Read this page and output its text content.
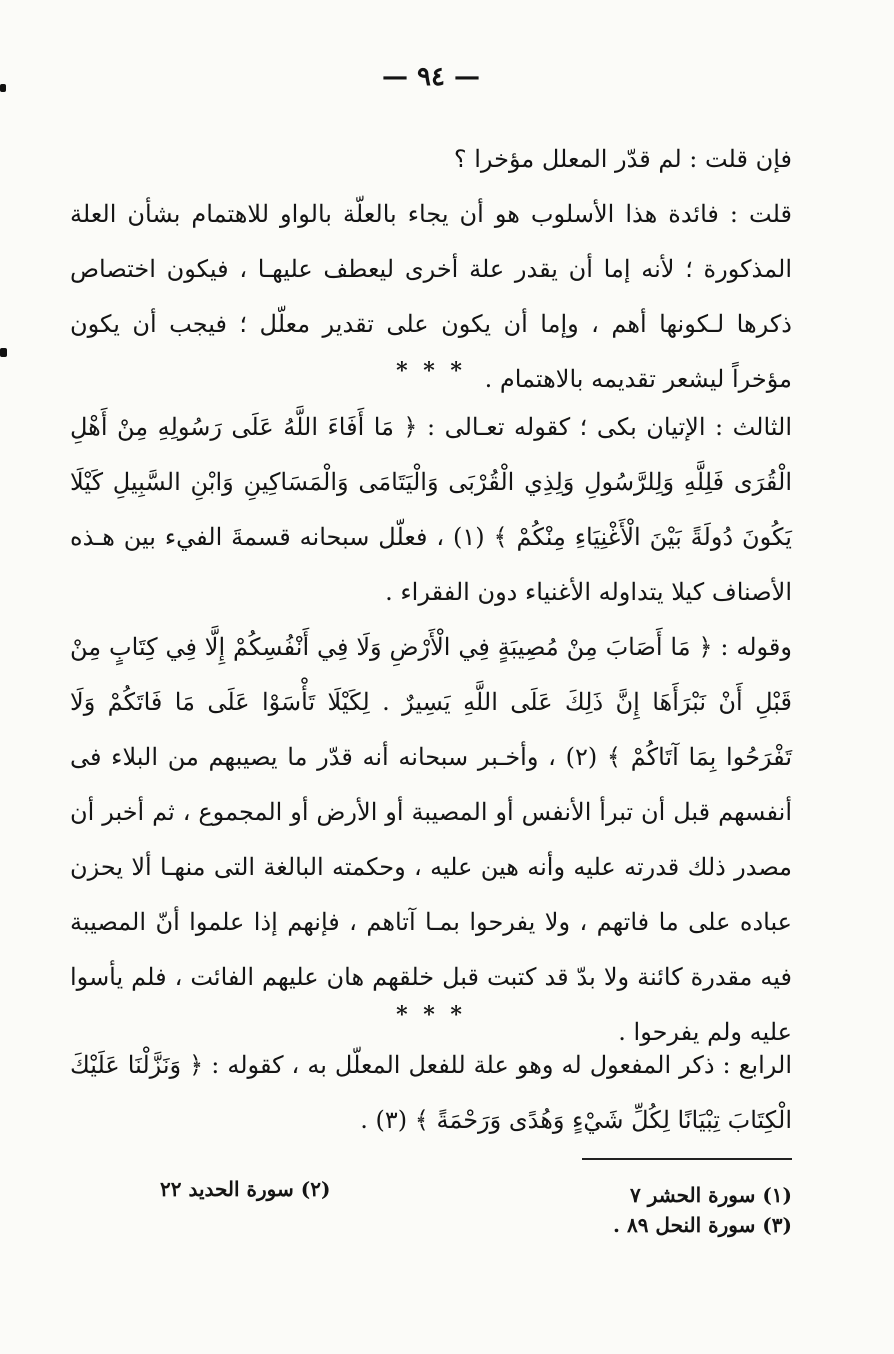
— ٩٤ —
فإن قلت : لم قدّر المعلل مؤخرا ؟
قلت : فائدة هذا الأسلوب هو أن يجاء بالعلّة بالواو للاهتمام بشأن العلة المذكورة ؛ لأنه إما أن يقدر علة أخرى ليعطف عليهـا ، فيكون اختصاص ذكرها لـكونها أهم ، وإما أن يكون على تقدير معلّل ؛ فيجب أن يكون مؤخراً ليشعر تقديمه بالاهتمام .
* * *
الثالث : الإتيان بكى ؛ كقوله تعـالى : ﴿ مَا أَفَاءَ اللَّهُ عَلَى رَسُولِهِ مِنْ أَهْلِ الْقُرَى فَلِلَّهِ وَلِلرَّسُولِ وَلِذِي الْقُرْبَى وَالْيَتَامَى وَالْمَسَاكِينِ وَابْنِ السَّبِيلِ كَيْلَا يَكُونَ دُولَةً بَيْنَ الْأَغْنِيَاءِ مِنْكُمْ ﴾ (١) ، فعلّل سبحانه قسمةَ الفيء بين هـذه الأصناف كيلا يتداوله الأغنياء دون الفقراء .
وقوله : ﴿ مَا أَصَابَ مِنْ مُصِيبَةٍ فِي الْأَرْضِ وَلَا فِي أَنْفُسِكُمْ إِلَّا فِي كِتَابٍ مِنْ قَبْلِ أَنْ نَبْرَأَهَا إِنَّ ذَلِكَ عَلَى اللَّهِ يَسِيرٌ . لِكَيْلَا تَأْسَوْا عَلَى مَا فَاتَكُمْ وَلَا تَفْرَحُوا بِمَا آتَاكُمْ ﴾ (٢) ، وأخـبر سبحانه أنه قدّر ما يصيبهم من البلاء فى أنفسهم قبل أن تبرأ الأنفس أو المصيبة أو الأرض أو المجموع ، ثم أخبر أن مصدر ذلك قدرته عليه وأنه هين عليه ، وحكمته البالغة التى منهـا ألا يحزن عباده على ما فاتهم ، ولا يفرحوا بمـا آتاهم ، فإنهم إذا علموا أنّ المصيبة فيه مقدرة كائنة ولا بدّ قد كتبت قبل خلقهم هان عليهم الفائت ، فلم يأسوا عليه ولم يفرحوا .
* * *
الرابع : ذكر المفعول له وهو علة للفعل المعلّل به ، كقوله : ﴿ وَنَزَّلْنَا عَلَيْكَ الْكِتَابَ تِبْيَانًا لِكُلِّ شَيْءٍ وَهُدًى وَرَحْمَةً ﴾ (٣) .
(١) سورة الحشر ٧
(٢) سورة الحديد ٢٢
(٣) سورة النحل ٨٩ .
